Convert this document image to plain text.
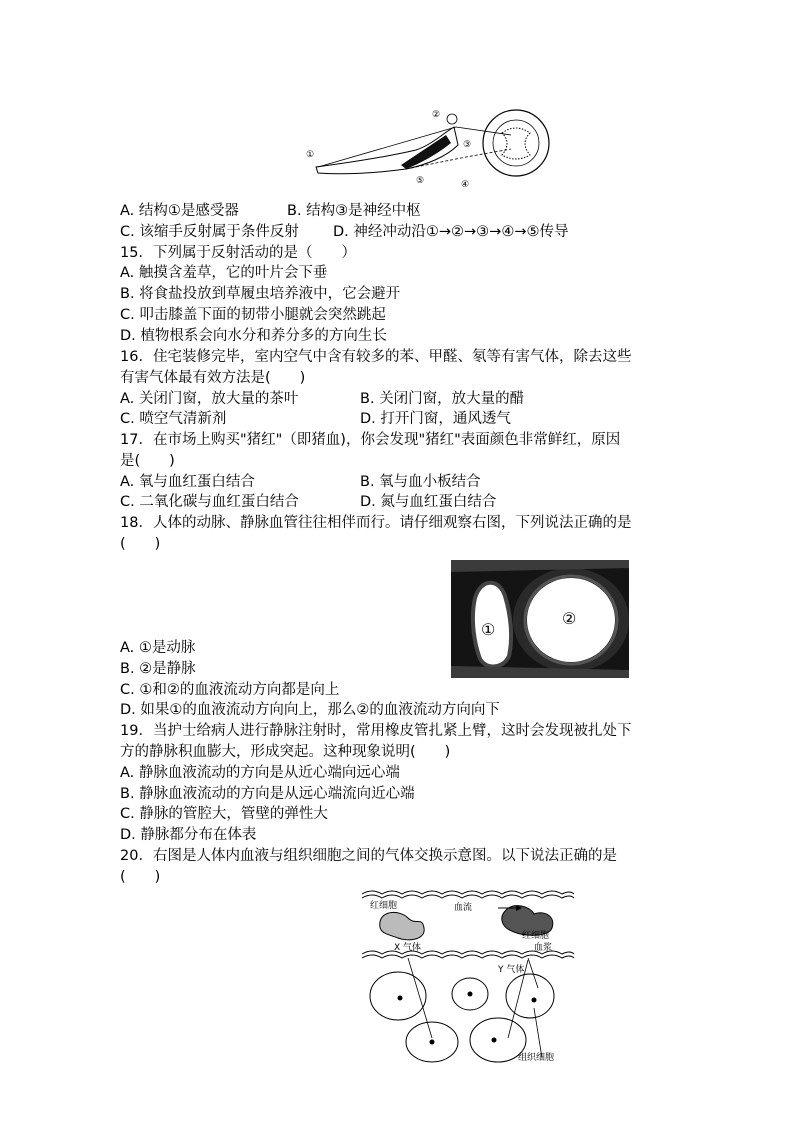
①
②
③
④
⑤
A. 结构①是感受器	B. 结构③是神经中枢
C. 该缩手反射属于条件反射 D. 神经冲动沿①→②→③→④→⑤传导
15．下列属于反射活动的是（　　）
A. 触摸含羞草，它的叶片会下垂
B. 将食盐投放到草履虫培养液中，它会避开
C. 叩击膝盖下面的韧带小腿就会突然跳起
D. 植物根系会向水分和养分多的方向生长
16．住宅装修完毕，室内空气中含有较多的苯、甲醛、氡等有害气体，除去这些
有害气体最有效方法是(　　)
A. 关闭门窗，放大量的茶叶	B. 关闭门窗，放大量的醋
C. 喷空气清新剂	D. 打开门窗，通风透气
17．在市场上购买"猪红"（即猪血)，你会发现"猪红"表面颜色非常鲜红，原因
是(　　)
A. 氧与血红蛋白结合	B. 氧与血小板结合
C. 二氧化碳与血红蛋白结合	D. 氮与血红蛋白结合
18．人体的动脉、静脉血管往往相伴而行。请仔细观察右图，下列说法正确的是
(　　)
①
②
A. ①是动脉
B. ②是静脉
C. ①和②的血液流动方向都是向上
D. 如果①的血液流动方向向上，那么②的血液流动方向向下
19．当护士给病人进行静脉注射时，常用橡皮管扎紧上臂，这时会发现被扎处下
方的静脉积血膨大，形成突起。这种现象说明(　　)
A. 静脉血液流动的方向是从近心端向远心端
B. 静脉血液流动的方向是从远心端流向近心端
C. 静脉的管腔大，管壁的弹性大
D. 静脉都分布在体表
20．右图是人体内血液与组织细胞之间的气体交换示意图。以下说法正确的是
(　　)
红细胞	血流
红细胞
血浆
X 气体
Y 气体
组织细胞
